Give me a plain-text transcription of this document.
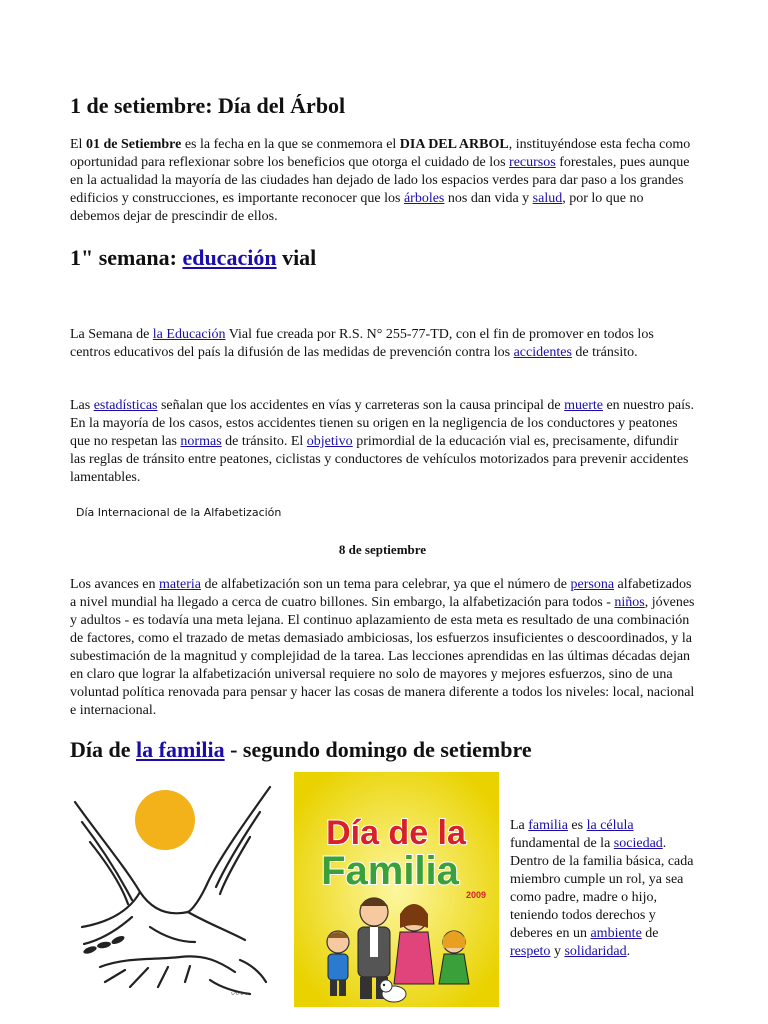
1 de setiembre: Día del Árbol

El 01 de Setiembre es la fecha en la que se conmemora el DIA DEL ARBOL, instituyéndose esta fecha como oportunidad para reflexionar sobre los beneficios que otorga el cuidado de los recursos forestales, pues aunque en la actualidad la mayoría de las ciudades han dejado de lado los espacios verdes para dar paso a los grandes edificios y construcciones, es importante reconocer que los árboles nos dan vida y salud, por lo que no debemos dejar de prescindir de ellos.

1" semana: educación vial

La Semana de la Educación Vial fue creada por R.S. N° 255-77-TD, con el fin de promover en todos los centros educativos del país la difusión de las medidas de prevención contra los accidentes de tránsito.

Las estadísticas señalan que los accidentes en vías y carreteras son la causa principal de muerte en nuestro país. En la mayoría de los casos, estos accidentes tienen su origen en la negligencia de los conductores y peatones que no respetan las normas de tránsito. El objetivo primordial de la educación vial es, precisamente, difundir las reglas de tránsito entre peatones, ciclistas y conductores de vehículos motorizados para prevenir accidentes lamentables.

Día Internacional de la Alfabetización

8 de septiembre

Los avances en materia de alfabetización son un tema para celebrar, ya que el número de persona alfabetizados a nivel mundial ha llegado a cerca de cuatro billones. Sin embargo, la alfabetización para todos - niños, jóvenes y adultos - es todavía una meta lejana. El continuo aplazamiento de esta meta es resultado de una combinación de factores, como el trazado de metas demasiado ambiciosas, los esfuerzos insuficientes o descoordinados, y la subestimación de la magnitud y complejidad de la tarea. Las lecciones aprendidas en las últimas décadas dejan en claro que lograr la alfabetización universal requiere no solo de mayores y mejores esfuerzos, sino de una voluntad política renovada para pensar y hacer las cosas de manera diferente a todos los niveles: local, nacional e internacional.

Día de la familia - segundo domingo de setiembre
〰〰
Día de la
Familia
2009

La familia es la célula fundamental de la sociedad. Dentro de la familia básica, cada miembro cumple un rol, ya sea como padre, madre o hijo, teniendo todos derechos y deberes en un ambiente de respeto y solidaridad.
